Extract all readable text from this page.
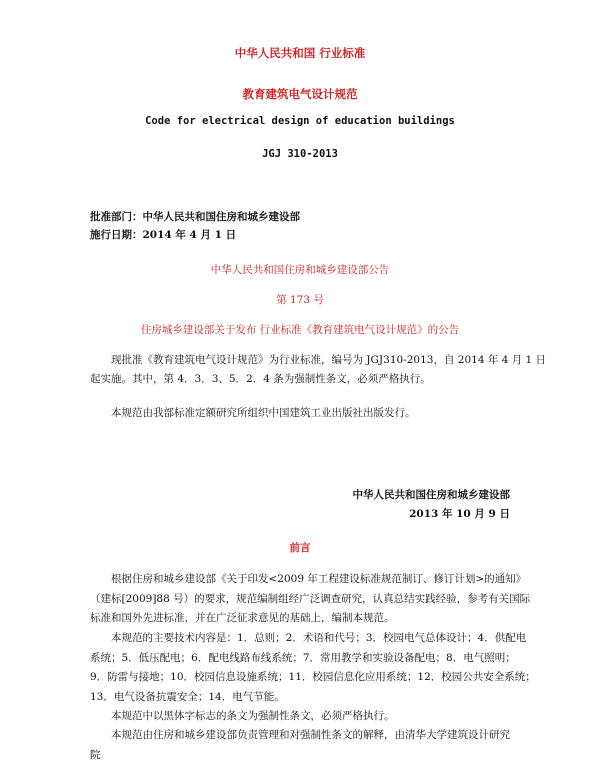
中华人民共和国 行业标准
教育建筑电气设计规范
Code for electrical design of education buildings
JGJ 310-2013
批准部门：中华人民共和国住房和城乡建设部
施行日期：2014 年 4 月 1 日
中华人民共和国住房和城乡建设部公告
第 173 号
住房城乡建设部关于发布 行业标准《教育建筑电气设计规范》的公告
现批准《教育建筑电气设计规范》为行业标准，编号为 JGJ310-2013，自 2014 年 4 月 1 日
起实施。其中，第 4．3．3、5．2．4 条为强制性条文，必须严格执行。
本规范由我部标准定额研究所组织中国建筑工业出版社出版发行。
中华人民共和国住房和城乡建设部
2013 年 10 月 9 日
前言
根据住房和城乡建设部《关于印发<2009 年工程建设标准规范制订、修订计划>的通知》
（建标[2009]88 号）的要求，规范编制组经广泛调查研究，认真总结实践经验，参考有关国际
标准和国外先进标准，并在广泛征求意见的基础上，编制本规范。
本规范的主要技术内容是：1．总则；2．术语和代号；3．校园电气总体设计；4．供配电
系统；5．低压配电；6．配电线路布线系统；7．常用教学和实验设备配电；8．电气照明；
9．防雷与接地；10．校园信息设施系统；11．校园信息化应用系统；12．校园公共安全系统；
13．电气设备抗震安全；14．电气节能。
本规范中以黑体字标志的条文为强制性条文，必须严格执行。
本规范由住房和城乡建设部负责管理和对强制性条文的解释，由清华大学建筑设计研究院
